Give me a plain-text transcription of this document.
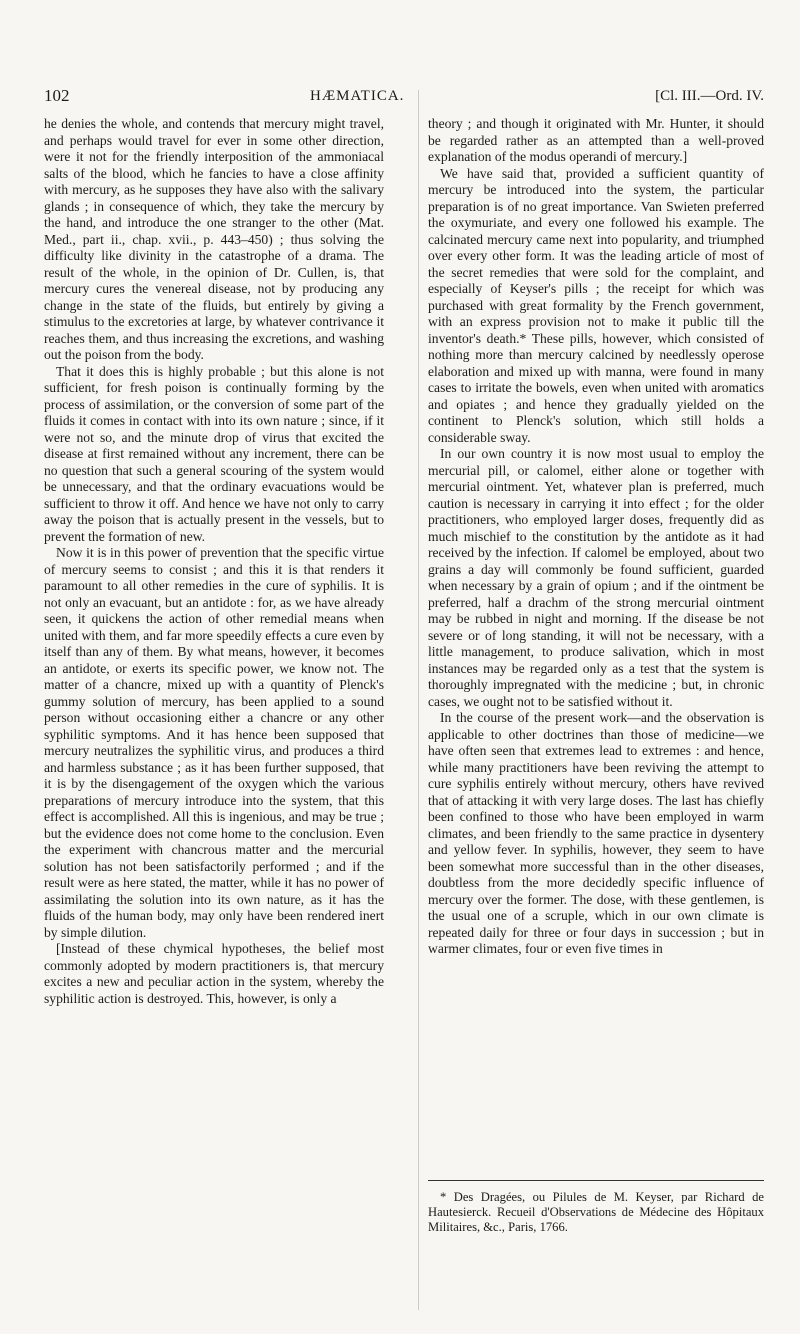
102	HÆMATICA.	[Cl. III.—Ord. IV.

he denies the whole, and contends that mercury might travel, and perhaps would travel for ever in some other direction, were it not for the friendly interposition of the ammoniacal salts of the blood, which he fancies to have a close affinity with mercury, as he supposes they have also with the salivary glands ; in consequence of which, they take the mercury by the hand, and introduce the one stranger to the other (Mat. Med., part ii., chap. xvii., p. 443–450) ; thus solving the difficulty like divinity in the catastrophe of a drama. The result of the whole, in the opinion of Dr. Cullen, is, that mercury cures the venereal disease, not by producing any change in the state of the fluids, but entirely by giving a stimulus to the excretories at large, by whatever contrivance it reaches them, and thus increasing the excretions, and washing out the poison from the body.

That it does this is highly probable ; but this alone is not sufficient, for fresh poison is continually forming by the process of assimilation, or the conversion of some part of the fluids it comes in contact with into its own nature ; since, if it were not so, and the minute drop of virus that excited the disease at first remained without any increment, there can be no question that such a general scouring of the system would be unnecessary, and that the ordinary evacuations would be sufficient to throw it off. And hence we have not only to carry away the poison that is actually present in the vessels, but to prevent the formation of new.

Now it is in this power of prevention that the specific virtue of mercury seems to consist ; and this it is that renders it paramount to all other remedies in the cure of syphilis. It is not only an evacuant, but an antidote : for, as we have already seen, it quickens the action of other remedial means when united with them, and far more speedily effects a cure even by itself than any of them. By what means, however, it becomes an antidote, or exerts its specific power, we know not. The matter of a chancre, mixed up with a quantity of Plenck's gummy solution of mercury, has been applied to a sound person without occasioning either a chancre or any other syphilitic symptoms. And it has hence been supposed that mercury neutralizes the syphilitic virus, and produces a third and harmless substance ; as it has been further supposed, that it is by the disengagement of the oxygen which the various preparations of mercury introduce into the system, that this effect is accomplished. All this is ingenious, and may be true ; but the evidence does not come home to the conclusion. Even the experiment with chancrous matter and the mercurial solution has not been satisfactorily performed ; and if the result were as here stated, the matter, while it has no power of assimilating the solution into its own nature, as it has the fluids of the human body, may only have been rendered inert by simple dilution.

[Instead of these chymical hypotheses, the belief most commonly adopted by modern practitioners is, that mercury excites a new and peculiar action in the system, whereby the syphilitic action is destroyed. This, however, is only a

theory ; and though it originated with Mr. Hunter, it should be regarded rather as an attempted than a well-proved explanation of the modus operandi of mercury.]

We have said that, provided a sufficient quantity of mercury be introduced into the system, the particular preparation is of no great importance. Van Swieten preferred the oxymuriate, and every one followed his example. The calcinated mercury came next into popularity, and triumphed over every other form. It was the leading article of most of the secret remedies that were sold for the complaint, and especially of Keyser's pills ; the receipt for which was purchased with great formality by the French government, with an express provision not to make it public till the inventor's death.* These pills, however, which consisted of nothing more than mercury calcined by needlessly operose elaboration and mixed up with manna, were found in many cases to irritate the bowels, even when united with aromatics and opiates ; and hence they gradually yielded on the continent to Plenck's solution, which still holds a considerable sway.

In our own country it is now most usual to employ the mercurial pill, or calomel, either alone or together with mercurial ointment. Yet, whatever plan is preferred, much caution is necessary in carrying it into effect ; for the older practitioners, who employed larger doses, frequently did as much mischief to the constitution by the antidote as it had received by the infection. If calomel be employed, about two grains a day will commonly be found sufficient, guarded when necessary by a grain of opium ; and if the ointment be preferred, half a drachm of the strong mercurial ointment may be rubbed in night and morning. If the disease be not severe or of long standing, it will not be necessary, with a little management, to produce salivation, which in most instances may be regarded only as a test that the system is thoroughly impregnated with the medicine ; but, in chronic cases, we ought not to be satisfied without it.

In the course of the present work—and the observation is applicable to other doctrines than those of medicine—we have often seen that extremes lead to extremes : and hence, while many practitioners have been reviving the attempt to cure syphilis entirely without mercury, others have revived that of attacking it with very large doses. The last has chiefly been confined to those who have been employed in warm climates, and been friendly to the same practice in dysentery and yellow fever. In syphilis, however, they seem to have been somewhat more successful than in the other diseases, doubtless from the more decidedly specific influence of mercury over the former. The dose, with these gentlemen, is the usual one of a scruple, which in our own climate is repeated daily for three or four days in succession ; but in warmer climates, four or even five times in

* Des Dragées, ou Pilules de M. Keyser, par Richard de Hautesierck. Recueil d'Observations de Médecine des Hôpitaux Militaires, &c., Paris, 1766.
